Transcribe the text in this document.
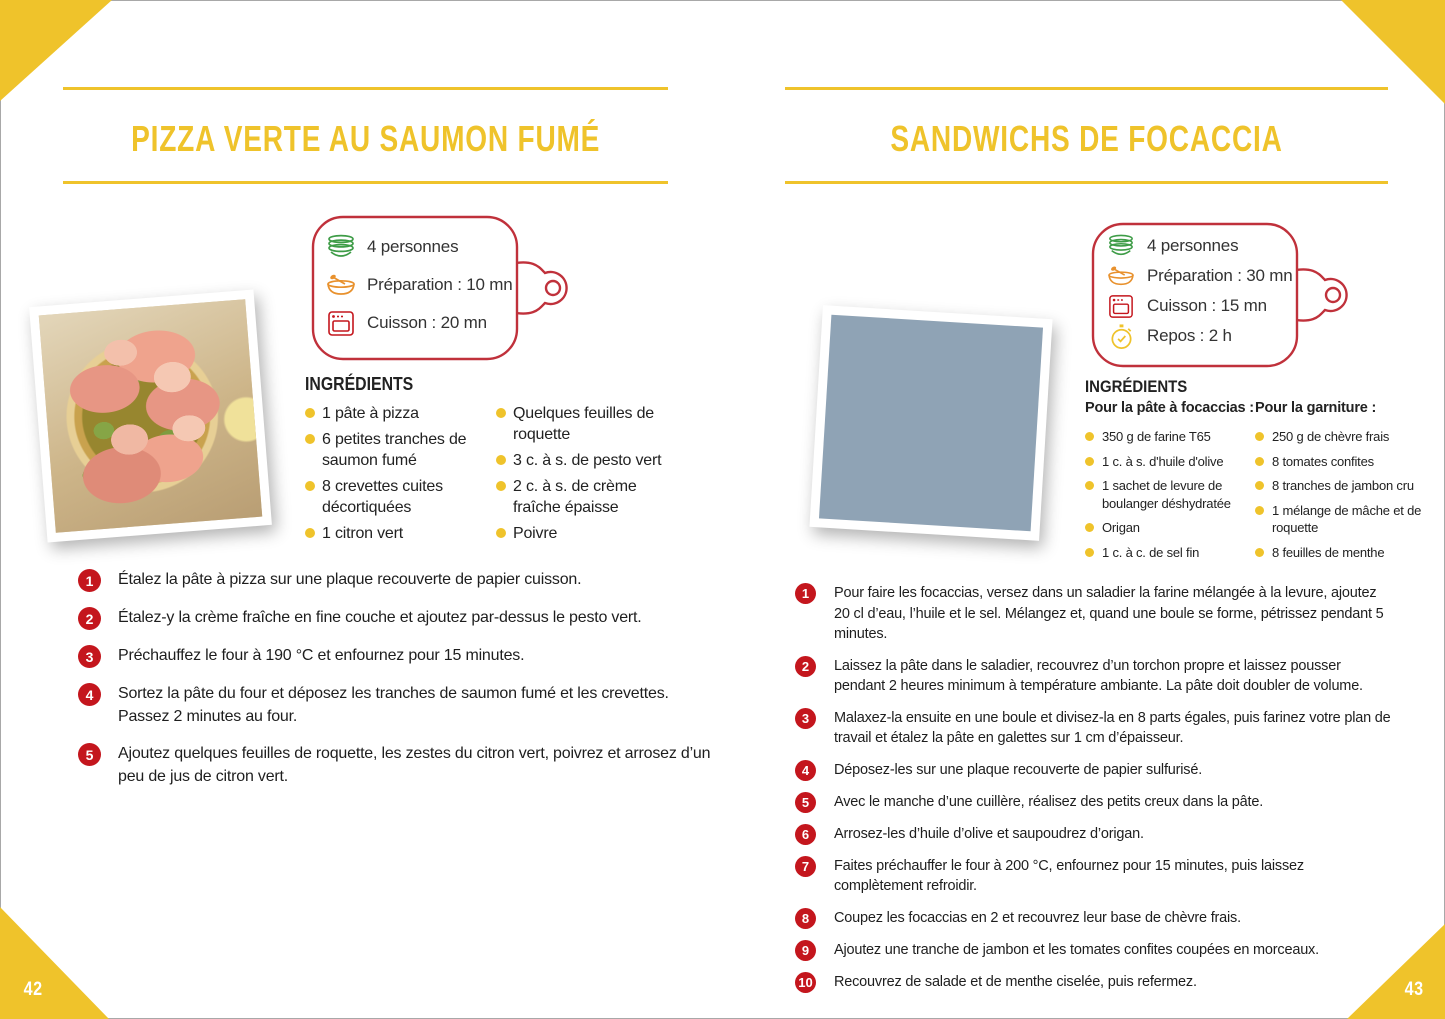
42	43
PIZZA VERTE AU SAUMON FUMÉ
4 personnes
Préparation : 10 mn
Cuisson : 20 mn
INGRÉDIENTS
1 pâte à pizza
6 petites tranches de saumon fumé
8 crevettes cuites décortiquées
1 citron vert
Quelques feuilles de roquette
3 c. à s. de pesto vert
2 c. à s. de crème fraîche épaisse
Poivre
1	Étalez la pâte à pizza sur une plaque recouverte de papier cuisson.
2	Étalez-y la crème fraîche en fine couche et ajoutez par-dessus le pesto vert.
3	Préchauffez le four à 190 °C et enfournez pour 15 minutes.
4	Sortez la pâte du four et déposez les tranches de saumon fumé et les crevettes. Passez 2 minutes au four.
5	Ajoutez quelques feuilles de roquette, les zestes du citron vert, poivrez et arrosez d’un peu de jus de citron vert.
SANDWICHS DE FOCACCIA
4 personnes
Préparation : 30 mn
Cuisson : 15 mn
Repos : 2 h
INGRÉDIENTS
Pour la pâte à focaccias : Pour la garniture :
350 g de farine T65
1 c. à s. d'huile d'olive
1 sachet de levure de boulanger déshydratée
Origan
1 c. à c. de sel fin
250 g de chèvre frais
8 tomates confites
8 tranches de jambon cru
1 mélange de mâche et de roquette
8 feuilles de menthe
1	Pour faire les focaccias, versez dans un saladier la farine mélangée à la levure, ajoutez 20 cl d’eau, l’huile et le sel. Mélangez et, quand une boule se forme, pétrissez pendant 5 minutes.
2	Laissez la pâte dans le saladier, recouvrez d’un torchon propre et laissez pousser pendant 2 heures minimum à température ambiante. La pâte doit doubler de volume.
3	Malaxez-la ensuite en une boule et divisez-la en 8 parts égales, puis farinez votre plan de travail et étalez la pâte en galettes sur 1 cm d’épaisseur.
4	Déposez-les sur une plaque recouverte de papier sulfurisé.
5	Avec le manche d’une cuillère, réalisez des petits creux dans la pâte.
6	Arrosez-les d’huile d’olive et saupoudrez d’origan.
7	Faites préchauffer le four à 200 °C, enfournez pour 15 minutes, puis laissez complètement refroidir.
8	Coupez les focaccias en 2 et recouvrez leur base de chèvre frais.
9	Ajoutez une tranche de jambon et les tomates confites coupées en morceaux.
10 Recouvrez de salade et de menthe ciselée, puis refermez.
